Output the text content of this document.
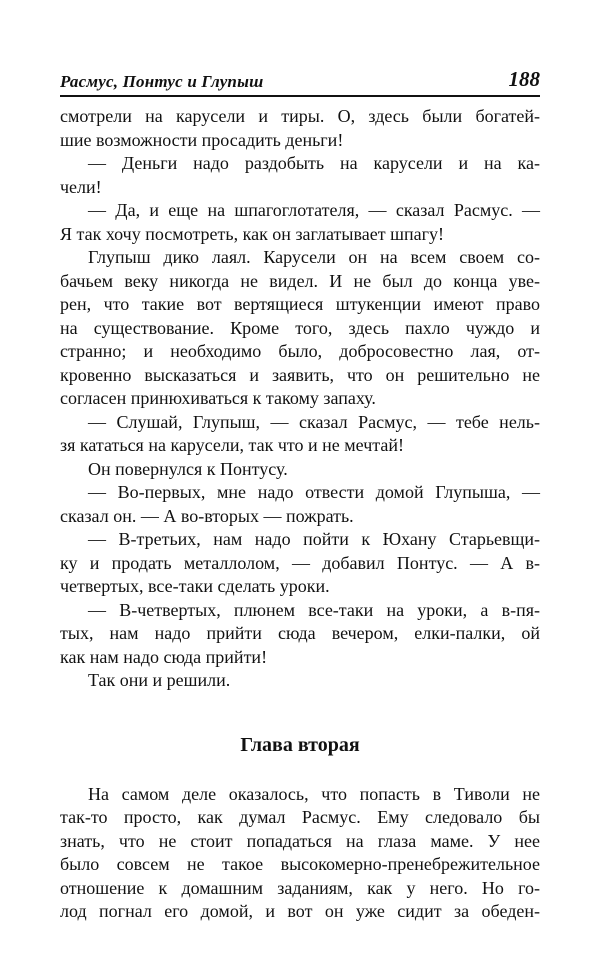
Расмус, Понтус и Глупыш	188
смотрели на карусели и тиры. О, здесь были богатей-
шие возможности просадить деньги!
— Деньги надо раздобыть на карусели и на ка-
чели!
— Да, и еще на шпагоглотателя, — сказал Расмус. —
Я так хочу посмотреть, как он заглатывает шпагу!
Глупыш дико лаял. Карусели он на всем своем со-
бачьем веку никогда не видел. И не был до конца уве-
рен, что такие вот вертящиеся штукенции имеют право
на существование. Кроме того, здесь пахло чуждо и
странно; и необходимо было, добросовестно лая, от-
кровенно высказаться и заявить, что он решительно не
согласен принюхиваться к такому запаху.
— Слушай, Глупыш, — сказал Расмус, — тебе нель-
зя кататься на карусели, так что и не мечтай!
Он повернулся к Понтусу.
— Во-первых, мне надо отвести домой Глупыша, —
сказал он. — А во-вторых — пожрать.
— В-третьих, нам надо пойти к Юхану Старьевщи-
ку и продать металлолом, — добавил Понтус. — А в-
четвертых, все-таки сделать уроки.
— В-четвертых, плюнем все-таки на уроки, а в-пя-
тых, нам надо прийти сюда вечером, елки-палки, ой
как нам надо сюда прийти!
Так они и решили.
Глава вторая
На самом деле оказалось, что попасть в Тиволи не
так-то просто, как думал Расмус. Ему следовало бы
знать, что не стоит попадаться на глаза маме. У нее
было совсем не такое высокомерно-пренебрежительное
отношение к домашним заданиям, как у него. Но го-
лод погнал его домой, и вот он уже сидит за обеден-
